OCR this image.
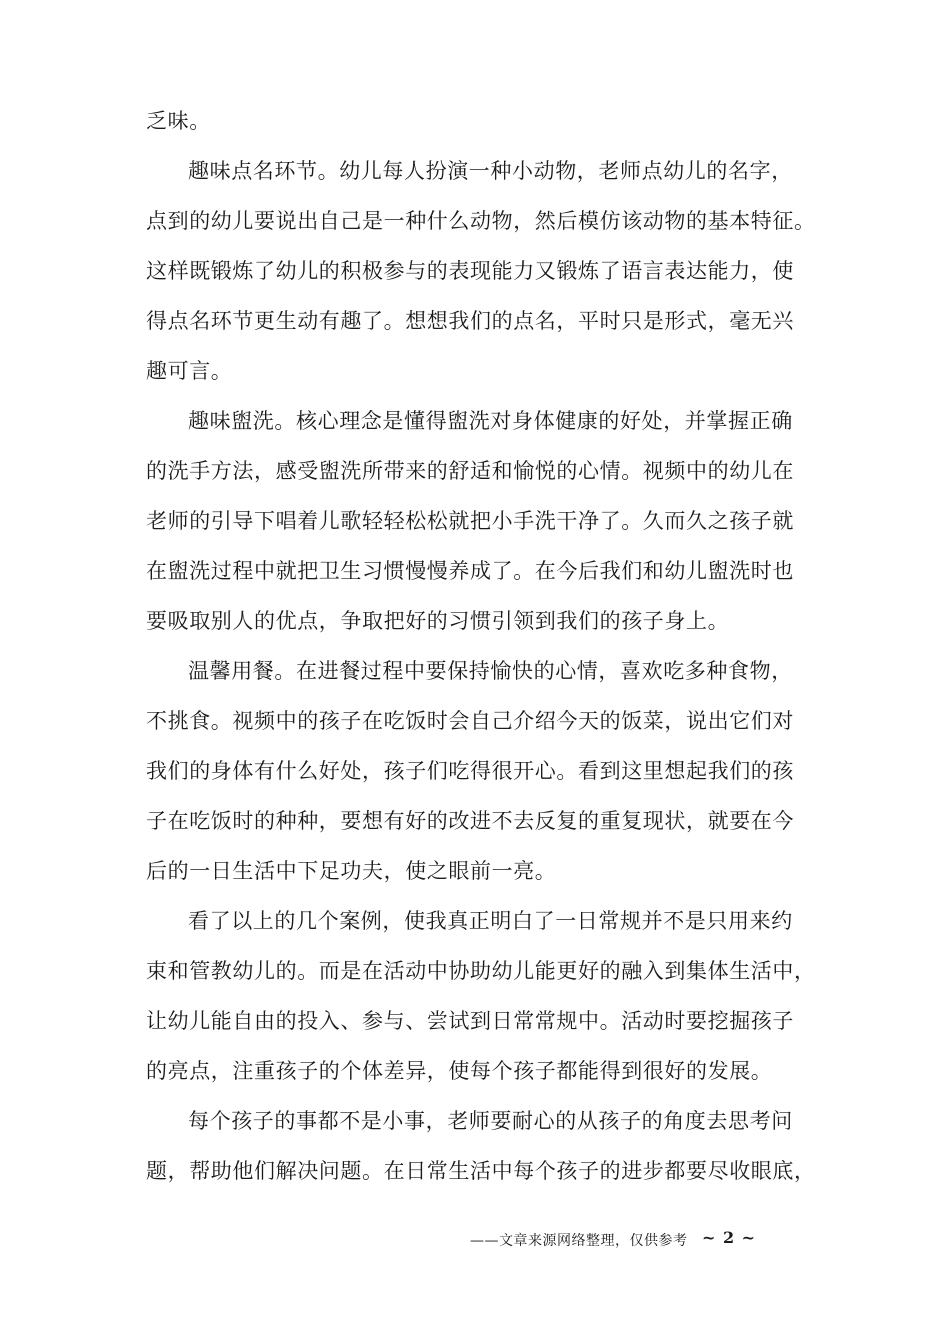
乏味。
趣味点名环节。幼儿每人扮演一种小动物，老师点幼儿的名字，
点到的幼儿要说出自己是一种什么动物，然后模仿该动物的基本特征。
这样既锻炼了幼儿的积极参与的表现能力又锻炼了语言表达能力，使
得点名环节更生动有趣了。想想我们的点名，平时只是形式，毫无兴
趣可言。
趣味盥洗。核心理念是懂得盥洗对身体健康的好处，并掌握正确
的洗手方法，感受盥洗所带来的舒适和愉悦的心情。视频中的幼儿在
老师的引导下唱着儿歌轻轻松松就把小手洗干净了。久而久之孩子就
在盥洗过程中就把卫生习惯慢慢养成了。在今后我们和幼儿盥洗时也
要吸取别人的优点，争取把好的习惯引领到我们的孩子身上。
温馨用餐。在进餐过程中要保持愉快的心情，喜欢吃多种食物，
不挑食。视频中的孩子在吃饭时会自己介绍今天的饭菜，说出它们对
我们的身体有什么好处，孩子们吃得很开心。看到这里想起我们的孩
子在吃饭时的种种，要想有好的改进不去反复的重复现状，就要在今
后的一日生活中下足功夫，使之眼前一亮。
看了以上的几个案例，使我真正明白了一日常规并不是只用来约
束和管教幼儿的。而是在活动中协助幼儿能更好的融入到集体生活中，
让幼儿能自由的投入、参与、尝试到日常常规中。活动时要挖掘孩子
的亮点，注重孩子的个体差异，使每个孩子都能得到很好的发展。
每个孩子的事都不是小事，老师要耐心的从孩子的角度去思考问
题，帮助他们解决问题。在日常生活中每个孩子的进步都要尽收眼底，
——文章来源网络整理，仅供参考 ~ 2 ~
